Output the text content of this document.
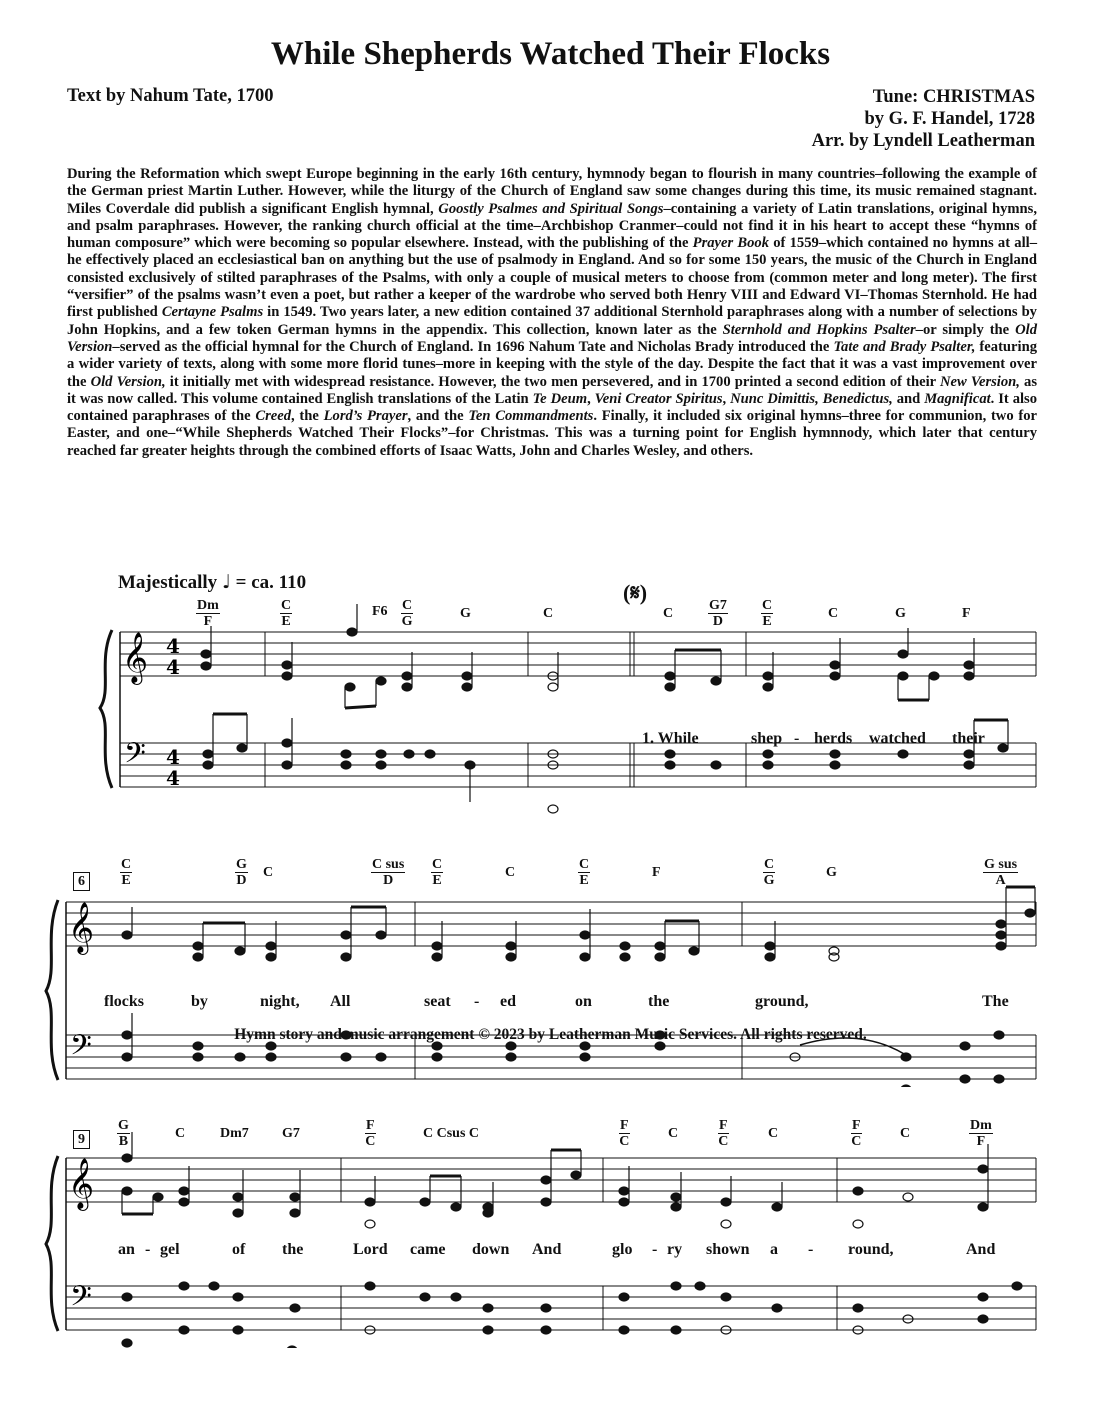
While Shepherds Watched Their Flocks
Text by Nahum Tate, 1700	Tune: CHRISTMAS
by G. F. Handel, 1728
Arr. by Lyndell Leatherman
During the Reformation which swept Europe beginning in the early 16th century, hymnody began to flourish in many countries–following the example of the German priest Martin Luther. However, while the liturgy of the Church of England saw some changes during this time, its music remained stagnant. Miles Coverdale did publish a significant English hymnal, Goostly Psalmes and Spiritual Songs–containing a variety of Latin translations, original hymns, and psalm paraphrases. However, the ranking church official at the time–Archbishop Cranmer–could not find it in his heart to accept these “hymns of human composure” which were becoming so popular elsewhere. Instead, with the publishing of the Prayer Book of 1559–which contained no hymns at all–he effectively placed an ecclesiastical ban on anything but the use of psalmody in England. And so for some 150 years, the music of the Church in England consisted exclusively of stilted paraphrases of the Psalms, with only a couple of musical meters to choose from (common meter and long meter). The first “versifier” of the psalms wasn’t even a poet, but rather a keeper of the wardrobe who served both Henry VIII and Edward VI–Thomas Sternhold. He had first published Certayne Psalms in 1549. Two years later, a new edition contained 37 additional Sternhold paraphrases along with a number of selections by John Hopkins, and a few token German hymns in the appendix. This collection, known later as the Sternhold and Hopkins Psalter–or simply the Old Version–served as the official hymnal for the Church of England. In 1696 Nahum Tate and Nicholas Brady introduced the Tate and Brady Psalter, featuring a wider variety of texts, along with some more florid tunes–more in keeping with the style of the day. Despite the fact that it was a vast improvement over the Old Version, it initially met with widespread resistance. However, the two men persevered, and in 1700 printed a second edition of their New Version, as it was now called. This volume contained English translations of the Latin Te Deum, Veni Creator Spiritus, Nunc Dimittis, Benedictus, and Magnificat. It also contained paraphrases of the Creed, the Lord’s Prayer, and the Ten Commandments. Finally, it included six original hymns–three for communion, two for Easter, and one–“While Shepherds Watched Their Flocks”–for Christmas. This was a turning point for English hymnnody, which later that century reached far greater heights through the combined efforts of Isaac Watts, John and Charles Wesley, and others.
Majestically ♩ = ca. 110
$\frac{Dm}{F}$	$\frac{C}{E}$	$F6 \frac{C}{G}$	G	C
(𝄋)
C $\frac{G7}{D} \frac{C}{E}$	C	G	F
𝄞
𝄢
4
4
4
4
1. While	shep - herds watched their
6	$\frac{C}{E}$	$\frac{G}{D}$ C	$\frac{\text{C sus}}{D} \frac{C}{E}$	C	$\frac{C}{E}$	F	$\frac{C}{G}$	G	$\frac{\text{G sus}}{A}$
𝄞
𝄢
flocks	by	night, All	seat - ed	on	the	ground,	The
9	$\frac{G}{B}$	C Dm7 G7	$\frac{F}{C}$	C Csus C	$\frac{F}{C}$	C	$\frac{F}{C}$	C	$\frac{F}{C}$	C	$\frac{Dm}{F}$
𝄞
𝄢
an - gel	of the	Lord came down And	glo - ry shown a - round,	And
Hymn story and music arrangement © 2023 by Leatherman Music Services. All rights reserved.
